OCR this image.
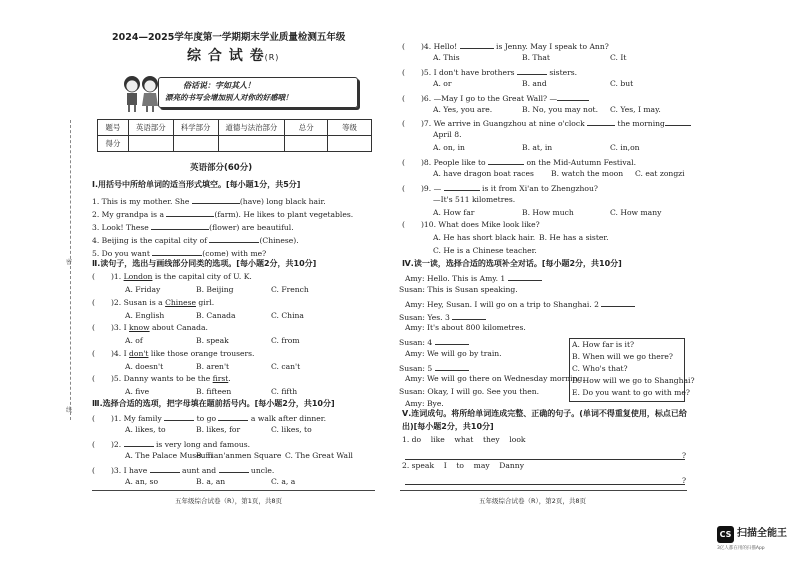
密
线
2024—2025学年度第一学期期末学业质量检测五年级
综 合 试 卷(R)
俗话说：字如其人！
漂亮的书写会增加别人对你的好感哦！
题号	英语部分	科学部分	道德与法治部分	总分	等级
得分					
英语部分(60分)
Ⅰ.用括号中所给单词的适当形式填空。[每小题1分，共5分]
1. This is my mother. She	(have) long black hair.
2. My grandpa is a	(farm). He likes to plant vegetables.
3. Look! These	(flower) are beautiful.
4. Beijing is the capital city of	(Chinese).
5. Do you want	(come) with me?
Ⅱ.读句子，选出与画线部分同类的选项。[每小题2分，共10分]
( )1. London is the capital city of U. K.
A. Friday	B. Beijing	C. French
( )2. Susan is a Chinese girl.
A. English	B. Canada	C. China
( )3. I know about Canada.
A. of	B. speak	C. from
( )4. I don't like those orange trousers.
A. doesn't	B. aren't	C. can't
( )5. Danny wants to be the first.
A. five	B. fifteen	C. fifth
Ⅲ.选择合适的选项，把字母填在题前括号内。[每小题2分，共10分]
( )1. My family	to go	a walk after dinner.
A. likes, to	B. likes, for	C. likes, to
( )2.	is very long and famous.
A. The Palace Museum
B. Tian'anmen Square C. The Great Wall
( )3. I have	aunt and	uncle.
A. an, so	B. a, an	C. a, a
五年级综合试卷（R），第1页，共8页
( )4. Hello!	is Jenny. May I speak to Ann?
A. This	B. That	C. It
( )5. I don't have brothers	sisters.
A. or	B. and	C. but
( )6. —May I go to the Great Wall? —
A. Yes, you are.	B. No, you may not. C. Yes, I may.
( )7. We arrive in Guangzhou at nine o'clock	the morning
April 8.
A. on, in	B. at, in	C. in,on
( )8. People like to	on the Mid-Autumn Festival.
A. have dragon boat races B. watch the moon C. eat zongzi
( )9. —	is it from Xi'an to Zhengzhou?
—It's 511 kilometres.
A. How far	B. How much	C. How many
( )10. What does Mike look like?
A. He has short black hair. B. He has a sister.
C. He is a Chinese teacher.
Ⅳ.读一读，选择合适的选项补全对话。[每小题2分，共10分]
Amy: Hello. This is Amy. 1
Susan: This is Susan speaking.
Amy: Hey, Susan. I will go on a trip to Shanghai. 2
Susan: Yes. 3
Amy: It's about 800 kilometres.
Susan: 4
Amy: We will go by train.
Susan: 5
Amy: We will go there on Wednesday morning.
Susan: Okay, I will go. See you then.
Amy: Bye.
A. How far is it?
B. When will we go there?
C. Who's that?
D. How will we go to Shanghai?
E. Do you want to go with me?
Ⅴ.连词成句。将所给单词连成完整、正确的句子。(单词不得重复使用，标点已给
出)[每小题2分，共10分]
1. do    like    what    they    look
?
2. speak    I    to    may    Danny
?
五年级综合试卷（R），第2页，共8页
CS 扫描全能王
3亿人都在用的扫描App
